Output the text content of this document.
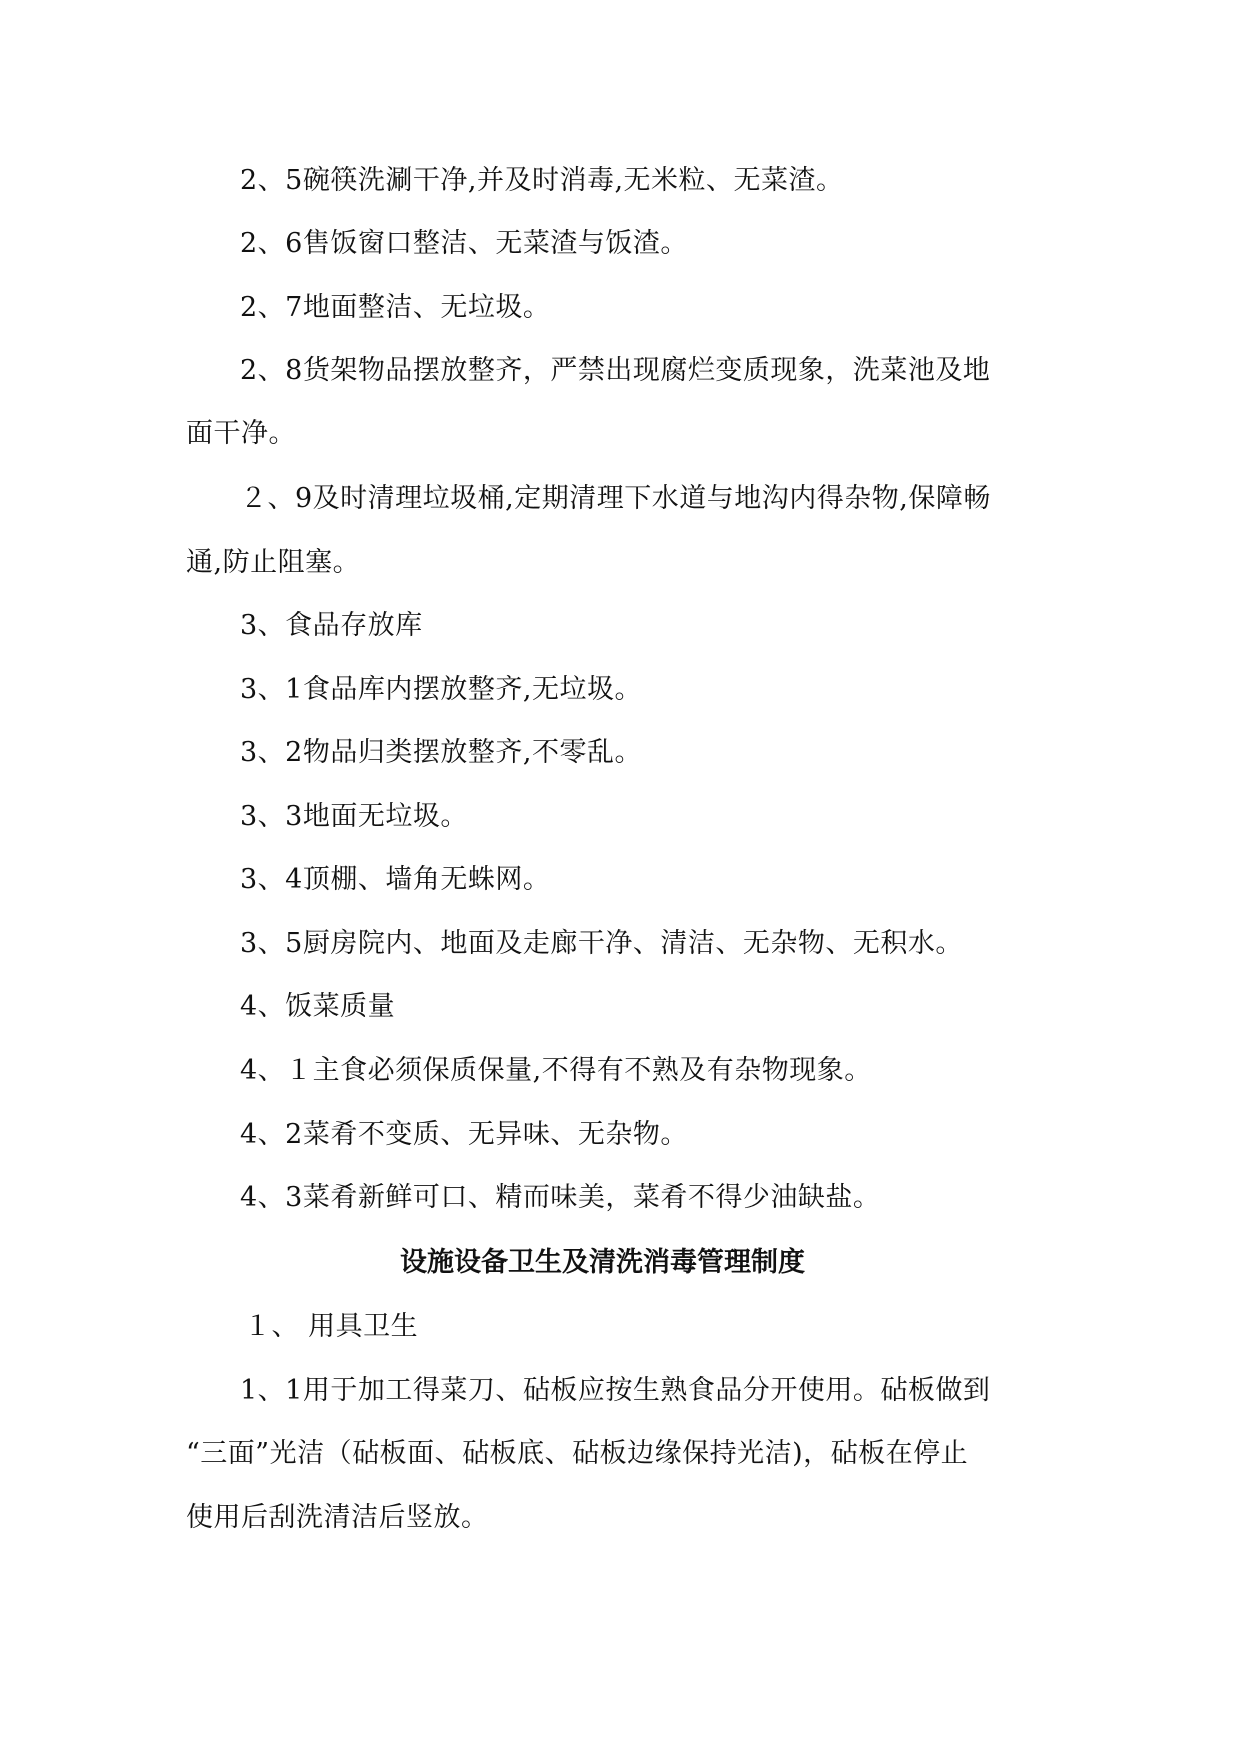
2、5碗筷洗涮干净,并及时消毒,无米粒、无菜渣。
2、6售饭窗口整洁、无菜渣与饭渣。
2、7地面整洁、无垃圾。
2、8货架物品摆放整齐，严禁出现腐烂变质现象，洗菜池及地
面干净。
２、9及时清理垃圾桶,定期清理下水道与地沟内得杂物,保障畅
通,防止阻塞。
3、食品存放库
3、1食品库内摆放整齐,无垃圾。
3、2物品归类摆放整齐,不零乱。
3、3地面无垃圾。
3、4顶棚、墙角无蛛网。
3、5厨房院内、地面及走廊干净、清洁、无杂物、无积水。
4、饭菜质量
4、１主食必须保质保量,不得有不熟及有杂物现象。
4、2菜肴不变质、无异味、无杂物。
4、3菜肴新鲜可口、精而味美，菜肴不得少油缺盐。
设施设备卫生及清洗消毒管理制度
１、 用具卫生
1、1用于加工得菜刀、砧板应按生熟食品分开使用。砧板做到
“三面”光洁（砧板面、砧板底、砧板边缘保持光洁)，砧板在停止
使用后刮洗清洁后竖放。
